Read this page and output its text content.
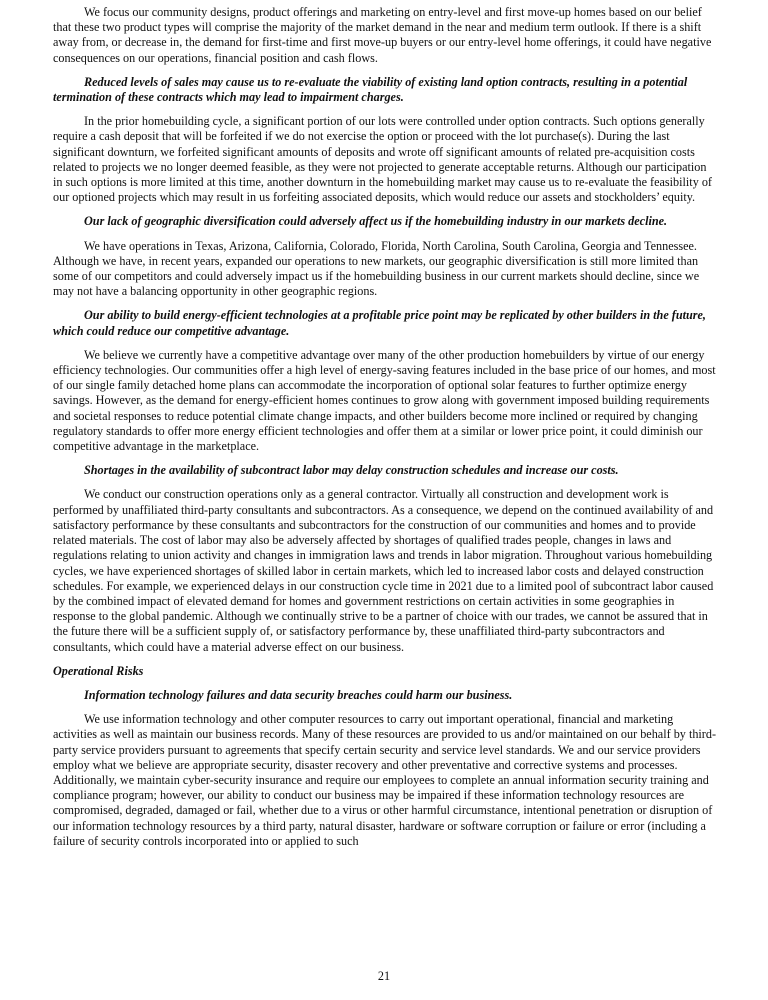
We focus our community designs, product offerings and marketing on entry-level and first move-up homes based on our belief that these two product types will comprise the majority of the market demand in the near and medium term outlook. If there is a shift away from, or decrease in, the demand for first-time and first move-up buyers or our entry-level home offerings, it could have negative consequences on our operations, financial position and cash flows.

Reduced levels of sales may cause us to re-evaluate the viability of existing land option contracts, resulting in a potential termination of these contracts which may lead to impairment charges.

In the prior homebuilding cycle, a significant portion of our lots were controlled under option contracts. Such options generally require a cash deposit that will be forfeited if we do not exercise the option or proceed with the lot purchase(s). During the last significant downturn, we forfeited significant amounts of deposits and wrote off significant amounts of related pre-acquisition costs related to projects we no longer deemed feasible, as they were not projected to generate acceptable returns. Although our participation in such options is more limited at this time, another downturn in the homebuilding market may cause us to re-evaluate the feasibility of our optioned projects which may result in us forfeiting associated deposits, which would reduce our assets and stockholders’ equity.

Our lack of geographic diversification could adversely affect us if the homebuilding industry in our markets decline.

We have operations in Texas, Arizona, California, Colorado, Florida, North Carolina, South Carolina, Georgia and Tennessee. Although we have, in recent years, expanded our operations to new markets, our geographic diversification is still more limited than some of our competitors and could adversely impact us if the homebuilding business in our current markets should decline, since we may not have a balancing opportunity in other geographic regions.

Our ability to build energy-efficient technologies at a profitable price point may be replicated by other builders in the future, which could reduce our competitive advantage.

We believe we currently have a competitive advantage over many of the other production homebuilders by virtue of our energy efficiency technologies. Our communities offer a high level of energy-saving features included in the base price of our homes, and most of our single family detached home plans can accommodate the incorporation of optional solar features to further optimize energy savings. However, as the demand for energy-efficient homes continues to grow along with government imposed building requirements and societal responses to reduce potential climate change impacts, and other builders become more inclined or required by changing regulatory standards to offer more energy efficient technologies and offer them at a similar or lower price point, it could diminish our competitive advantage in the marketplace.

Shortages in the availability of subcontract labor may delay construction schedules and increase our costs.

We conduct our construction operations only as a general contractor. Virtually all construction and development work is performed by unaffiliated third-party consultants and subcontractors. As a consequence, we depend on the continued availability of and satisfactory performance by these consultants and subcontractors for the construction of our communities and homes and to provide related materials. The cost of labor may also be adversely affected by shortages of qualified trades people, changes in laws and regulations relating to union activity and changes in immigration laws and trends in labor migration. Throughout various homebuilding cycles, we have experienced shortages of skilled labor in certain markets, which led to increased labor costs and delayed construction schedules. For example, we experienced delays in our construction cycle time in 2021 due to a limited pool of subcontract labor caused by the combined impact of elevated demand for homes and government restrictions on certain activities in some geographies in response to the global pandemic. Although we continually strive to be a partner of choice with our trades, we cannot be assured that in the future there will be a sufficient supply of, or satisfactory performance by, these unaffiliated third-party subcontractors and consultants, which could have a material adverse effect on our business.

Operational Risks

Information technology failures and data security breaches could harm our business.

We use information technology and other computer resources to carry out important operational, financial and marketing activities as well as maintain our business records. Many of these resources are provided to us and/or maintained on our behalf by third-party service providers pursuant to agreements that specify certain security and service level standards. We and our service providers employ what we believe are appropriate security, disaster recovery and other preventative and corrective systems and processes. Additionally, we maintain cyber-security insurance and require our employees to complete an annual information security training and compliance program; however, our ability to conduct our business may be impaired if these information technology resources are compromised, degraded, damaged or fail, whether due to a virus or other harmful circumstance, intentional penetration or disruption of our information technology resources by a third party, natural disaster, hardware or software corruption or failure or error (including a failure of security controls incorporated into or applied to such

21
